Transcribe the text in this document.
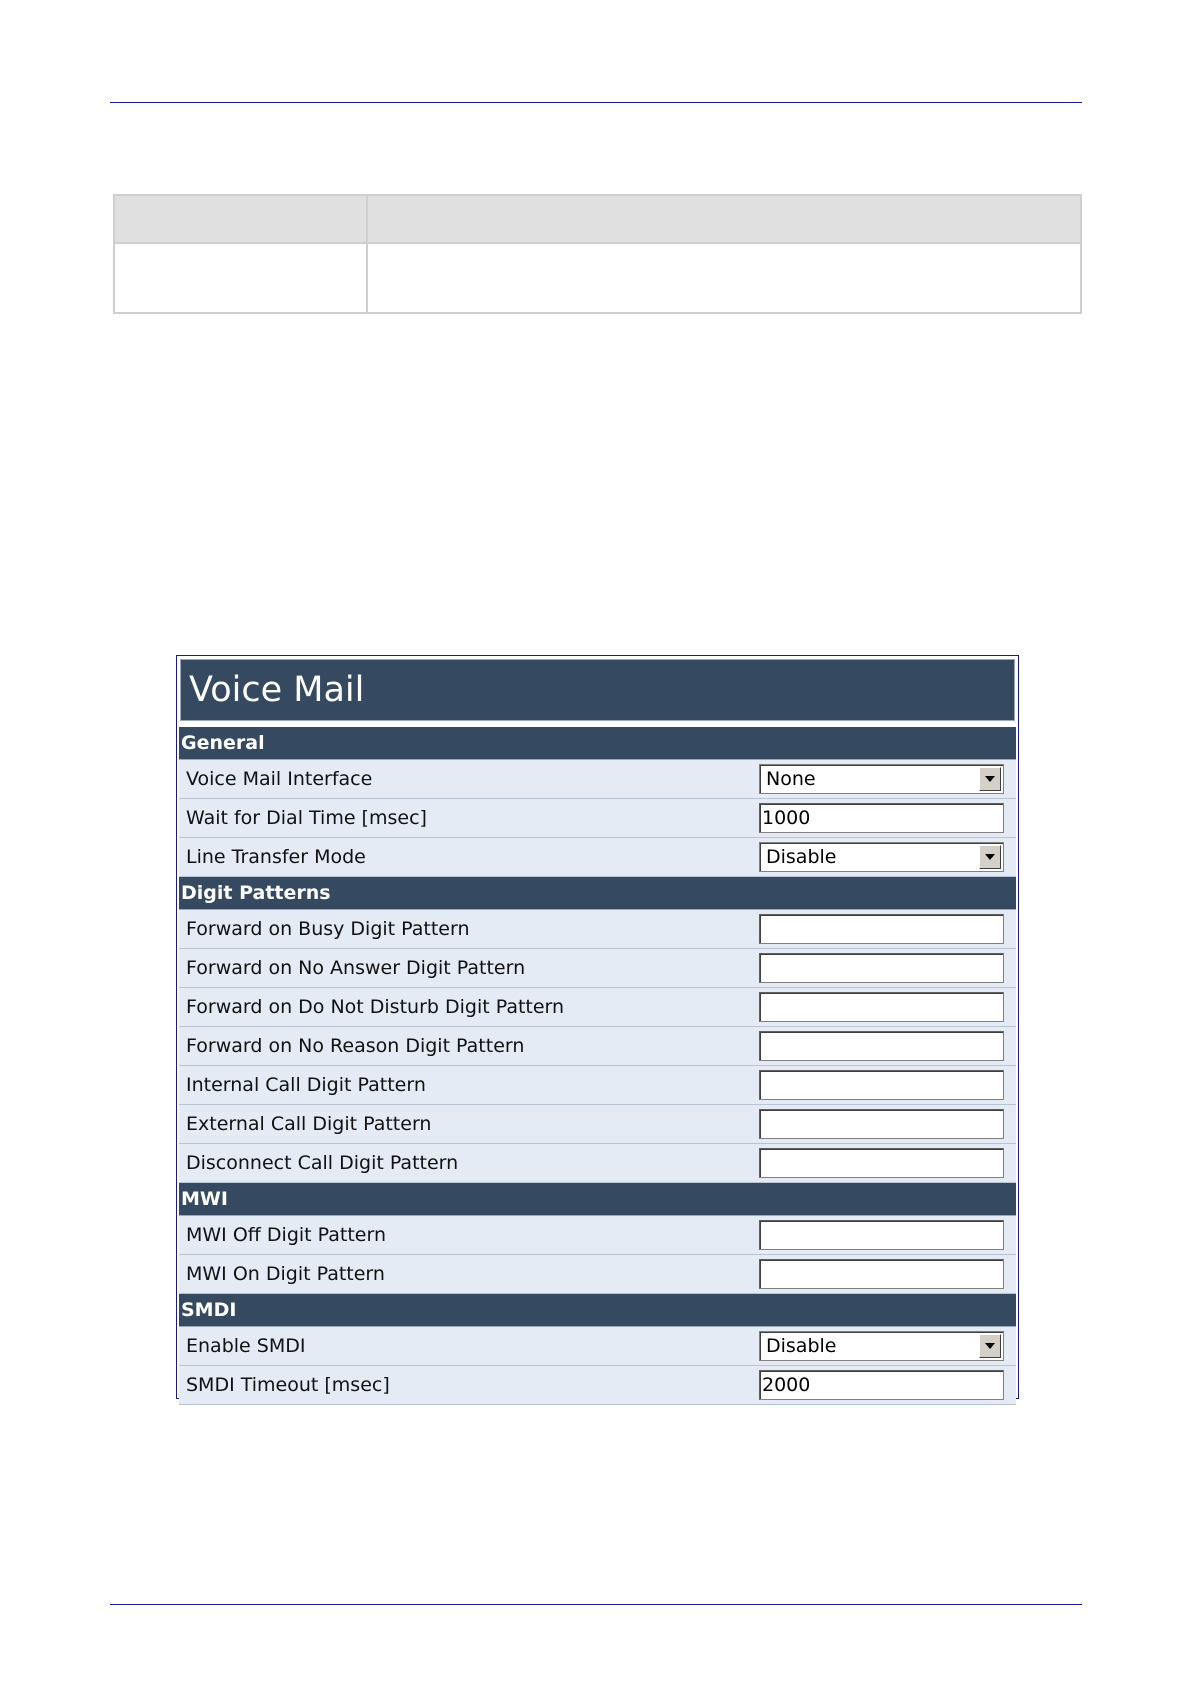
Voice Mail
General
Voice Mail Interface	None
Wait for Dial Time [msec]	1000
Line Transfer Mode	Disable
Digit Patterns
Forward on Busy Digit Pattern
Forward on No Answer Digit Pattern
Forward on Do Not Disturb Digit Pattern
Forward on No Reason Digit Pattern
Internal Call Digit Pattern
External Call Digit Pattern
Disconnect Call Digit Pattern
MWI
MWI Off Digit Pattern
MWI On Digit Pattern
SMDI
Enable SMDI	Disable
SMDI Timeout [msec]	2000
